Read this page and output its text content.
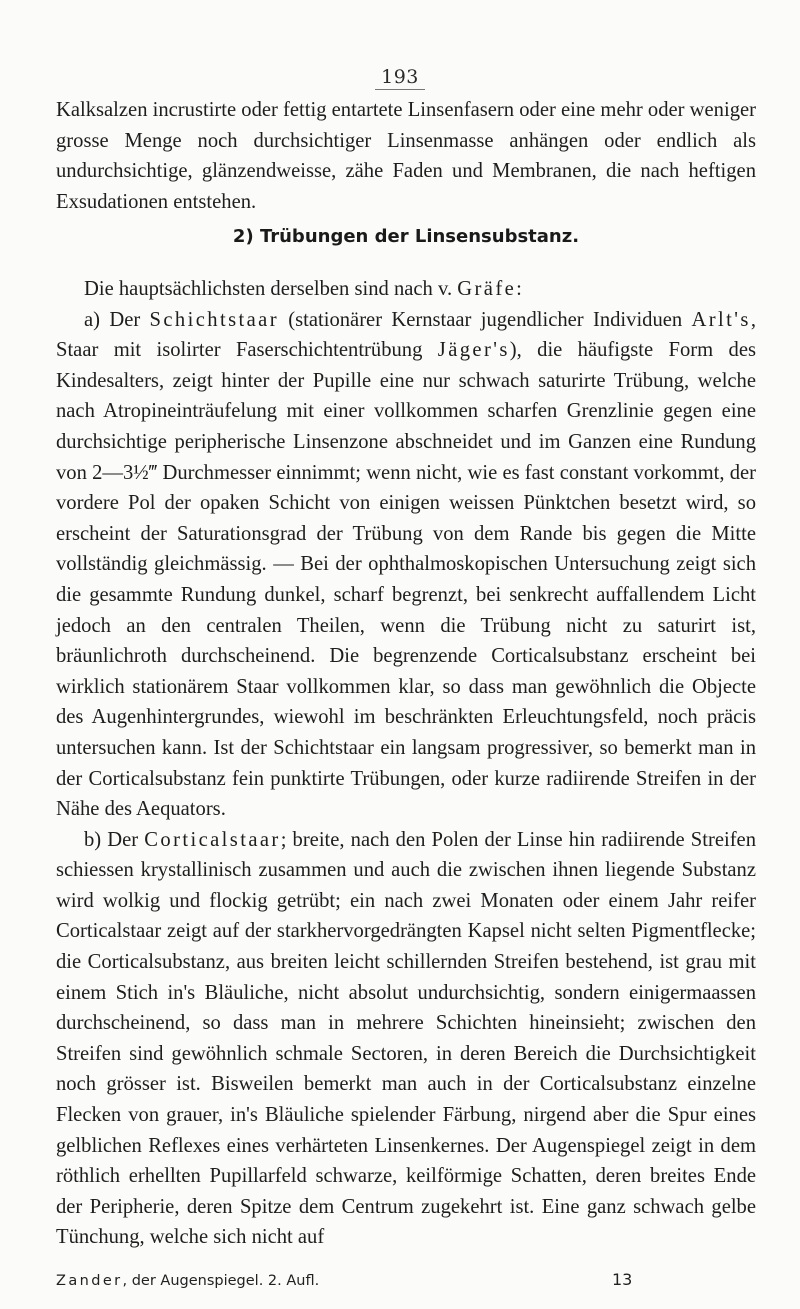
193

Kalksalzen incrustirte oder fettig entartete Linsenfasern oder eine mehr oder weniger grosse Menge noch durchsichtiger Linsenmasse anhängen oder endlich als undurchsichtige, glänzendweisse, zähe Faden und Membranen, die nach heftigen Exsudationen entstehen.

2) Trübungen der Linsensubstanz.

Die hauptsächlichsten derselben sind nach v. Gräfe:

a) Der Schichtstaar (stationärer Kernstaar jugendlicher Individuen Arlt's, Staar mit isolirter Faserschichtentrübung Jäger's), die häufigste Form des Kindesalters, zeigt hinter der Pupille eine nur schwach saturirte Trübung, welche nach Atropineinträufelung mit einer vollkommen scharfen Grenzlinie gegen eine durchsichtige peripherische Linsenzone abschneidet und im Ganzen eine Rundung von 2—3½‴ Durchmesser einnimmt; wenn nicht, wie es fast constant vorkommt, der vordere Pol der opaken Schicht von einigen weissen Pünktchen besetzt wird, so erscheint der Saturationsgrad der Trübung von dem Rande bis gegen die Mitte vollständig gleichmässig. — Bei der ophthalmoskopischen Untersuchung zeigt sich die gesammte Rundung dunkel, scharf begrenzt, bei senkrecht auffallendem Licht jedoch an den centralen Theilen, wenn die Trübung nicht zu saturirt ist, bräunlichroth durchscheinend. Die begrenzende Corticalsubstanz erscheint bei wirklich stationärem Staar vollkommen klar, so dass man gewöhnlich die Objecte des Augenhintergrundes, wiewohl im beschränkten Erleuchtungsfeld, noch präcis untersuchen kann. Ist der Schichtstaar ein langsam progressiver, so bemerkt man in der Corticalsubstanz fein punktirte Trübungen, oder kurze radiirende Streifen in der Nähe des Aequators.

b) Der Corticalstaar; breite, nach den Polen der Linse hin radiirende Streifen schiessen krystallinisch zusammen und auch die zwischen ihnen liegende Substanz wird wolkig und flockig getrübt; ein nach zwei Monaten oder einem Jahr reifer Corticalstaar zeigt auf der starkhervorgedrängten Kapsel nicht selten Pigmentflecke; die Corticalsubstanz, aus breiten leicht schillernden Streifen bestehend, ist grau mit einem Stich in's Bläuliche, nicht absolut undurchsichtig, sondern einigermaassen durchscheinend, so dass man in mehrere Schichten hineinsieht; zwischen den Streifen sind gewöhnlich schmale Sectoren, in deren Bereich die Durchsichtigkeit noch grösser ist. Bisweilen bemerkt man auch in der Corticalsubstanz einzelne Flecken von grauer, in's Bläuliche spielender Färbung, nirgend aber die Spur eines gelblichen Reflexes eines verhärteten Linsenkernes. Der Augenspiegel zeigt in dem röthlich erhellten Pupillarfeld schwarze, keilförmige Schatten, deren breites Ende der Peripherie, deren Spitze dem Centrum zugekehrt ist. Eine ganz schwach gelbe Tünchung, welche sich nicht auf

Zander, der Augenspiegel. 2. Aufl.	13
